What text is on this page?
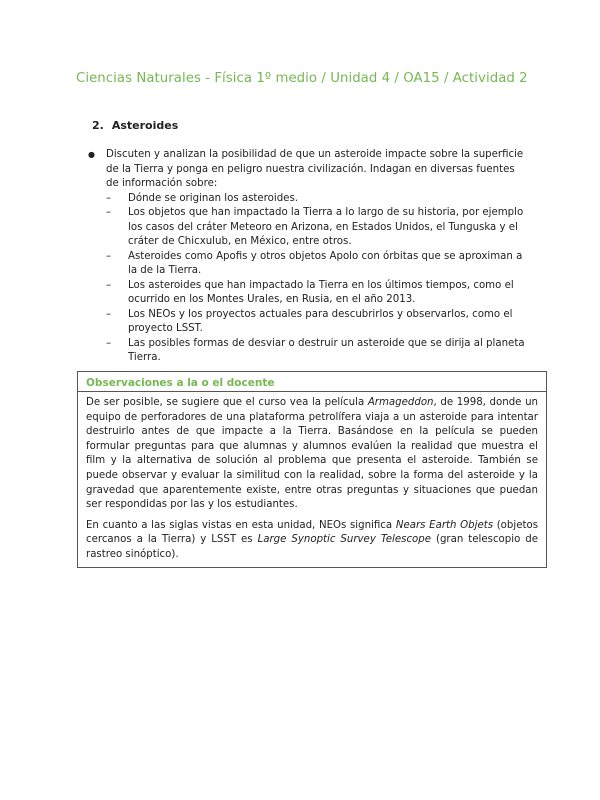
Ciencias Naturales - Física 1º medio / Unidad 4 / OA15 / Actividad 2
2. Asteroides
●	Discuten y analizan la posibilidad de que un asteroide impacte sobre la superficie de la Tierra y ponga en peligro nuestra civilización. Indagan en diversas fuentes de información sobre:
–	Dónde se originan los asteroides.
–	Los objetos que han impactado la Tierra a lo largo de su historia, por ejemplo los casos del cráter Meteoro en Arizona, en Estados Unidos, el Tunguska y el cráter de Chicxulub, en México, entre otros.
–	Asteroides como Apofis y otros objetos Apolo con órbitas que se aproximan a la de la Tierra.
–	Los asteroides que han impactado la Tierra en los últimos tiempos, como el ocurrido en los Montes Urales, en Rusia, en el año 2013.
–	Los NEOs y los proyectos actuales para descubrirlos y observarlos, como el proyecto LSST.
–	Las posibles formas de desviar o destruir un asteroide que se dirija al planeta Tierra.
Observaciones a la o el docente

De ser posible, se sugiere que el curso vea la película Armageddon, de 1998, donde un equipo de perforadores de una plataforma petrolífera viaja a un asteroide para intentar destruirlo antes de que impacte a la Tierra. Basándose en la película se pueden formular preguntas para que alumnas y alumnos evalúen la realidad que muestra el film y la alternativa de solución al problema que presenta el asteroide. También se puede observar y evaluar la similitud con la realidad, sobre la forma del asteroide y la gravedad que aparentemente existe, entre otras preguntas y situaciones que puedan ser respondidas por las y los estudiantes.

En cuanto a las siglas vistas en esta unidad, NEOs significa Nears Earth Objets (objetos cercanos a la Tierra) y LSST es Large Synoptic Survey Telescope (gran telescopio de rastreo sinóptico).
